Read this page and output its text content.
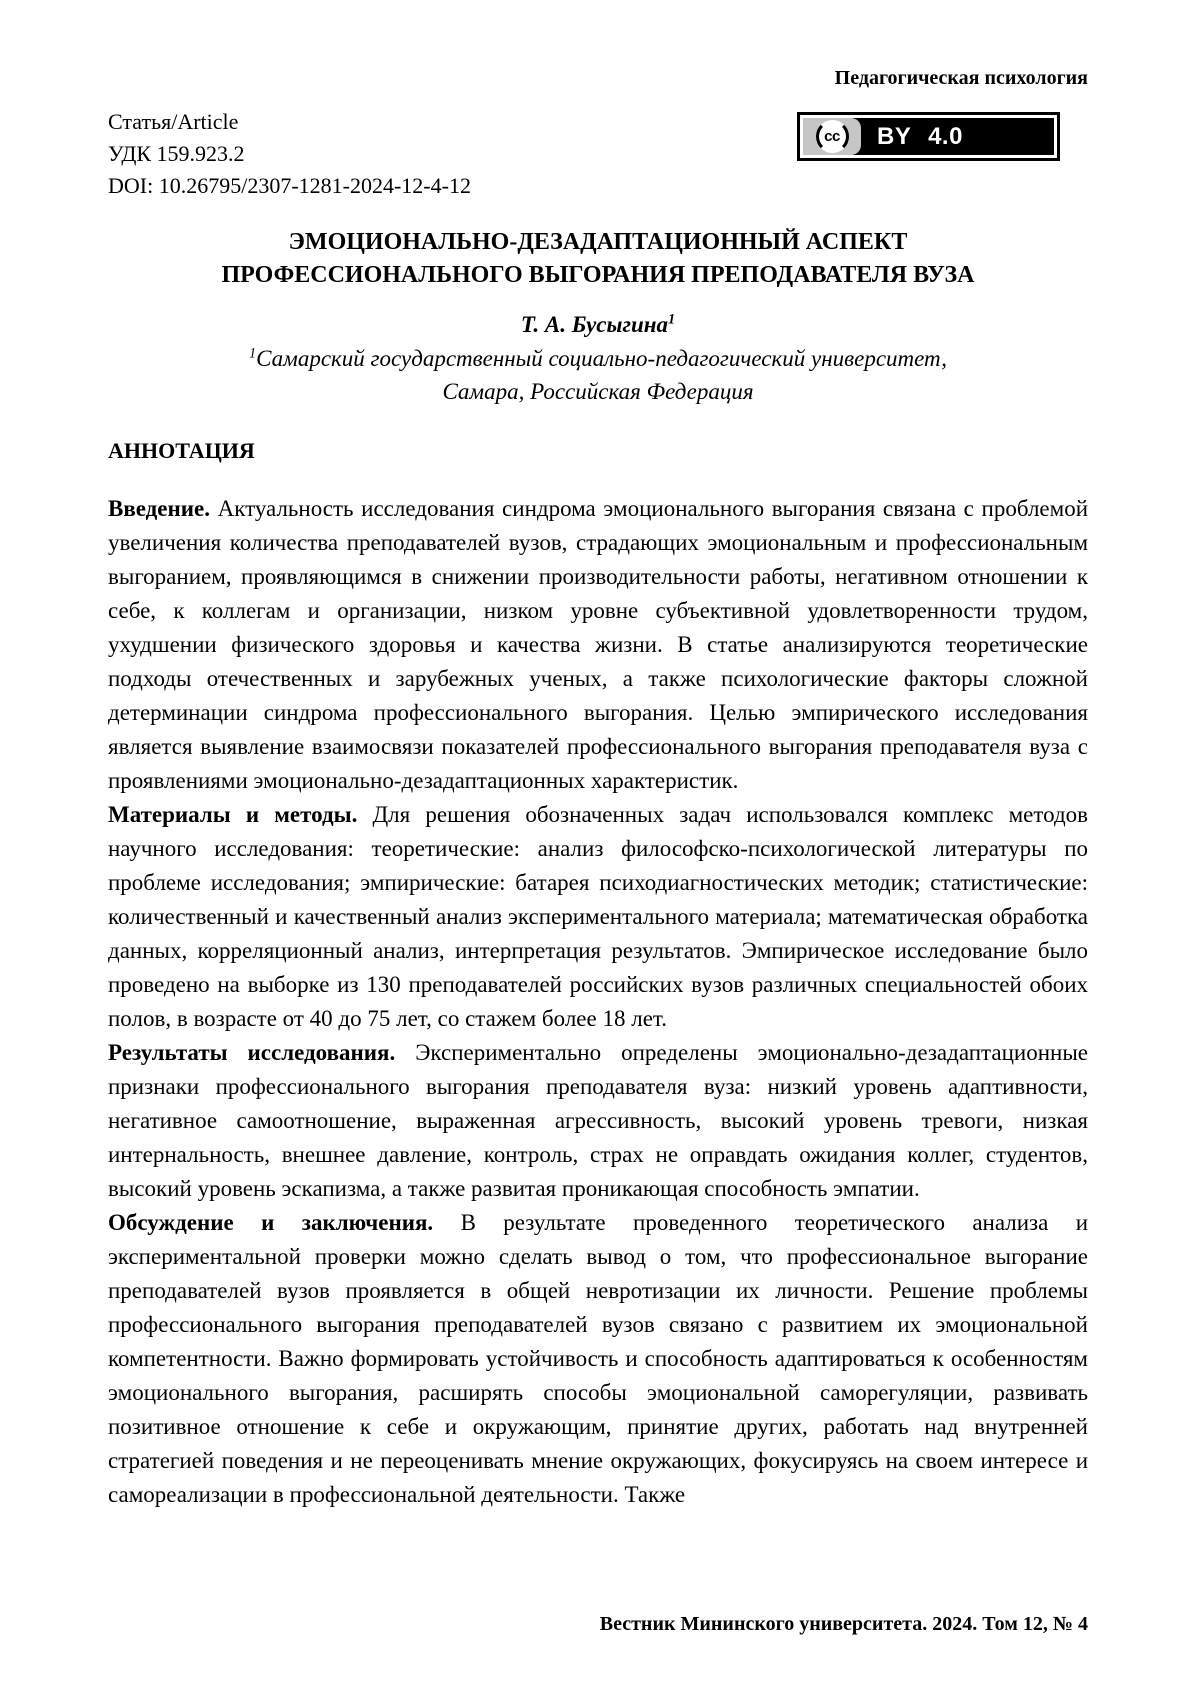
Педагогическая психология
Статья/Article
УДК 159.923.2
DOI: 10.26795/2307-1281-2024-12-4-12
cc	BY 4.0
ЭМОЦИОНАЛЬНО-ДЕЗАДАПТАЦИОННЫЙ АСПЕКТ
ПРОФЕССИОНАЛЬНОГО ВЫГОРАНИЯ ПРЕПОДАВАТЕЛЯ ВУЗА
Т. А. Бусыгина$^1$
$^1$Самарский государственный социально-педагогический университет,
Самара, Российская Федерация
АННОТАЦИЯ

Введение. Актуальность исследования синдрома эмоционального выгорания связана с проблемой увеличения количества преподавателей вузов, страдающих эмоциональным и профессиональным выгоранием, проявляющимся в снижении производительности работы, негативном отношении к себе, к коллегам и организации, низком уровне субъективной удовлетворенности трудом, ухудшении физического здоровья и качества жизни. В статье анализируются теоретические подходы отечественных и зарубежных ученых, а также психологические факторы сложной детерминации синдрома профессионального выгорания. Целью эмпирического исследования является выявление взаимосвязи показателей профессионального выгорания преподавателя вуза с проявлениями эмоционально-дезадаптационных характеристик.

Материалы и методы. Для решения обозначенных задач использовался комплекс методов научного исследования: теоретические: анализ философско-психологической литературы по проблеме исследования; эмпирические: батарея психодиагностических методик; статистические: количественный и качественный анализ экспериментального материала; математическая обработка данных, корреляционный анализ, интерпретация результатов. Эмпирическое исследование было проведено на выборке из 130 преподавателей российских вузов различных специальностей обоих полов, в возрасте от 40 до 75 лет, со стажем более 18 лет.

Результаты исследования. Экспериментально определены эмоционально-дезадаптационные признаки профессионального выгорания преподавателя вуза: низкий уровень адаптивности, негативное самоотношение, выраженная агрессивность, высокий уровень тревоги, низкая интернальность, внешнее давление, контроль, страх не оправдать ожидания коллег, студентов, высокий уровень эскапизма, а также развитая проникающая способность эмпатии.

Обсуждение и заключения. В результате проведенного теоретического анализа и экспериментальной проверки можно сделать вывод о том, что профессиональное выгорание преподавателей вузов проявляется в общей невротизации их личности. Решение проблемы профессионального выгорания преподавателей вузов связано с развитием их эмоциональной компетентности. Важно формировать устойчивость и способность адаптироваться к особенностям эмоционального выгорания, расширять способы эмоциональной саморегуляции, развивать позитивное отношение к себе и окружающим, принятие других, работать над внутренней стратегией поведения и не переоценивать мнение окружающих, фокусируясь на своем интересе и самореализации в профессиональной деятельности. Также

Вестник Мининского университета. 2024. Том 12, № 4
